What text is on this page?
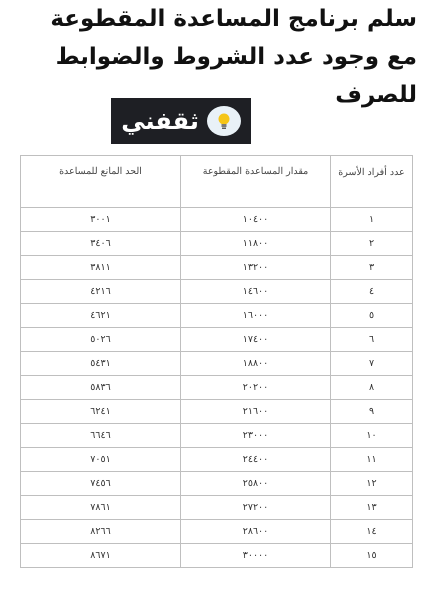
سلم برنامج المساعدة المقطوعة
مع وجود عدد الشروط والضوابط
للصرف
ثقفني
عدد أفراد الأسرة	مقدار المساعدة المقطوعة	الحد المانع للمساعدة
١	١٠٤٠٠	٣٠٠١
٢	١١٨٠٠	٣٤٠٦
٣	١٣٢٠٠	٣٨١١
٤	١٤٦٠٠	٤٢١٦
٥	١٦٠٠٠	٤٦٢١
٦	١٧٤٠٠	٥٠٢٦
٧	١٨٨٠٠	٥٤٣١
٨	٢٠٢٠٠	٥٨٣٦
٩	٢١٦٠٠	٦٢٤١
١٠	٢٣٠٠٠	٦٦٤٦
١١	٢٤٤٠٠	٧٠٥١
١٢	٢٥٨٠٠	٧٤٥٦
١٣	٢٧٢٠٠	٧٨٦١
١٤	٢٨٦٠٠	٨٢٦٦
١٥	٣٠٠٠٠	٨٦٧١
